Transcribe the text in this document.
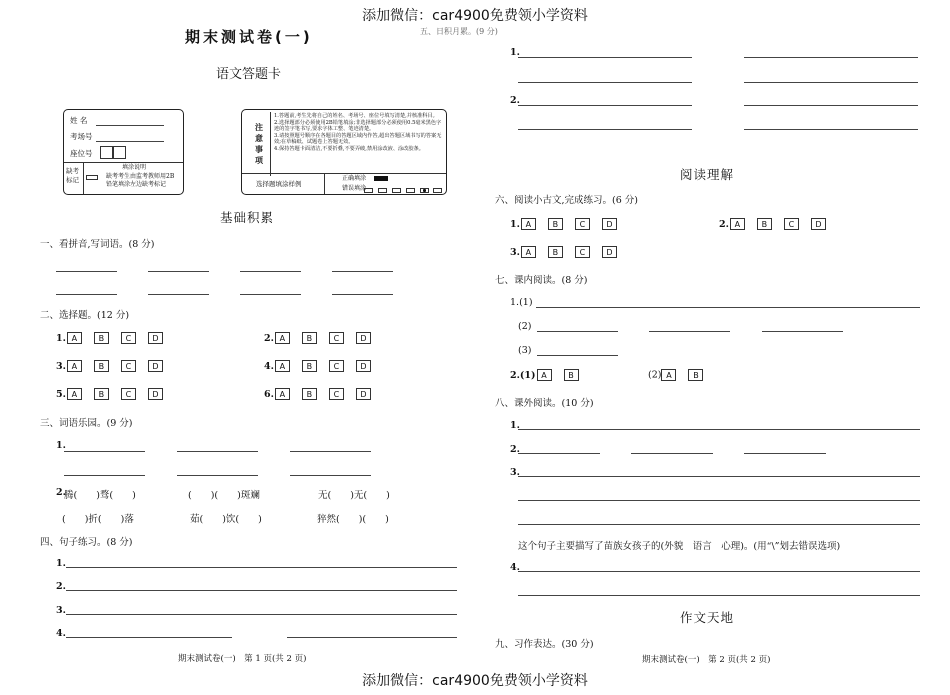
添加微信：car4900免费领小学资料
添加微信：car4900免费领小学资料
期末测试卷(一)
语文答题卡
姓 名
考场号
座位号
缺考标记
填涂说明
缺考考生由监考教师用2B铅笔填涂左边缺考标记
注意事项
1.答题前,考生先将自己的姓名、考场号、座位号填写清楚,并核准科目。
2.选择题部分必须使用2B铅笔填涂;非选择题部分必须使用0.5毫米黑色字迹的签字笔书写,要求字体工整、笔迹清楚。
3.请按照题号顺序在各题目的答题区域内作答,超出答题区域书写的答案无效;在草稿纸、试题卷上答题无效。
4.保持答题卡面清洁,不要折叠,不要弄破,禁用涂改液、涂改胶条。
选择题填涂样例
正确填涂
错误填涂

基础积累
一、看拼音,写词语。(8 分)
二、选择题。(12 分)
1. A	B	C	D	2. A	B	C	D
3. A	B	C	D	4. A	B	C	D
5. A	B	C	D	6. A	B	C	D
三、词语乐园。(9 分)
1.
2.
腾(　　)骛(　　)	(　　)(　　)斑斓	无(　　)无(　　)
(　　)折(　　)落	茹(　　)饮(　　)	猝然(　　)(　　)
四、句子练习。(8 分)
1.
2.
3.
4.
期末测试卷(一)　第 1 页(共 2 页)
五、日积月累。(9 分)
1.
2.
阅读理解
六、阅读小古文,完成练习。(6 分)
1. A	B	C	D	2. A	B	C	D
3. A	B	C	D
七、课内阅读。(8 分)
1.(1)
(2)
(3)
2.(1) A	B	(2) A	B
八、课外阅读。(10 分)
1.
2.
3.
这个句子主要描写了苗族女孩子的(外貌　语言　心理)。(用“\”划去错误选项)
4.
作文天地
九、习作表达。(30 分)
期末测试卷(一)　第 2 页(共 2 页)
